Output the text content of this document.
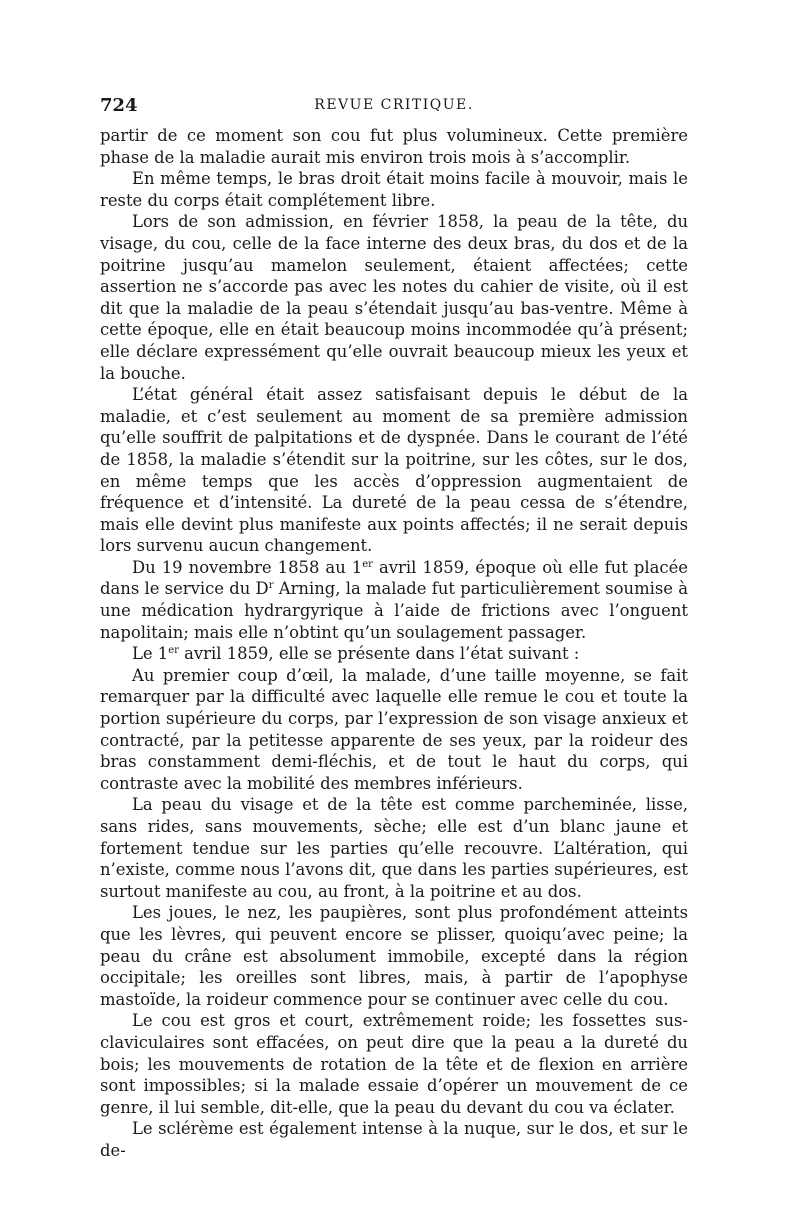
724	REVUE CRITIQUE.

partir de ce moment son cou fut plus volumineux. Cette première phase de la maladie aurait mis environ trois mois à s’accomplir.

En même temps, le bras droit était moins facile à mouvoir, mais le reste du corps était complétement libre.

Lors de son admission, en février 1858, la peau de la tête, du visage, du cou, celle de la face interne des deux bras, du dos et de la poitrine jusqu’au mamelon seulement, étaient affectées; cette assertion ne s’accorde pas avec les notes du cahier de visite, où il est dit que la maladie de la peau s’étendait jusqu’au bas-ventre. Même à cette époque, elle en était beaucoup moins incommodée qu’à présent; elle déclare expressément qu’elle ouvrait beaucoup mieux les yeux et la bouche.

L’état général était assez satisfaisant depuis le début de la maladie, et c’est seulement au moment de sa première admission qu’elle souffrit de palpitations et de dyspnée. Dans le courant de l’été de 1858, la maladie s’étendit sur la poitrine, sur les côtes, sur le dos, en même temps que les accès d’oppression augmentaient de fréquence et d’intensité. La dureté de la peau cessa de s’étendre, mais elle devint plus manifeste aux points affectés; il ne serait depuis lors survenu aucun changement.

Du 19 novembre 1858 au 1er avril 1859, époque où elle fut placée dans le service du $D^r$ Arning, la malade fut particulièrement soumise à une médication hydrargyrique à l’aide de frictions avec l’onguent napolitain; mais elle n’obtint qu’un soulagement passager.

Le 1er avril 1859, elle se présente dans l’état suivant :

Au premier coup d’œil, la malade, d’une taille moyenne, se fait remarquer par la difficulté avec laquelle elle remue le cou et toute la portion supérieure du corps, par l’expression de son visage anxieux et contracté, par la petitesse apparente de ses yeux, par la roideur des bras constamment demi-fléchis, et de tout le haut du corps, qui contraste avec la mobilité des membres inférieurs.

La peau du visage et de la tête est comme parcheminée, lisse, sans rides, sans mouvements, sèche; elle est d’un blanc jaune et fortement tendue sur les parties qu’elle recouvre. L’altération, qui n’existe, comme nous l’avons dit, que dans les parties supérieures, est surtout manifeste au cou, au front, à la poitrine et au dos.

Les joues, le nez, les paupières, sont plus profondément atteints que les lèvres, qui peuvent encore se plisser, quoiqu’avec peine; la peau du crâne est absolument immobile, excepté dans la région occipitale; les oreilles sont libres, mais, à partir de l’apophyse mastoïde, la roideur commence pour se continuer avec celle du cou.

Le cou est gros et court, extrêmement roide; les fossettes sus-claviculaires sont effacées, on peut dire que la peau a la dureté du bois; les mouvements de rotation de la tête et de flexion en arrière sont impossibles; si la malade essaie d’opérer un mouvement de ce genre, il lui semble, dit-elle, que la peau du devant du cou va éclater.

Le sclérème est également intense à la nuque, sur le dos, et sur le de-
